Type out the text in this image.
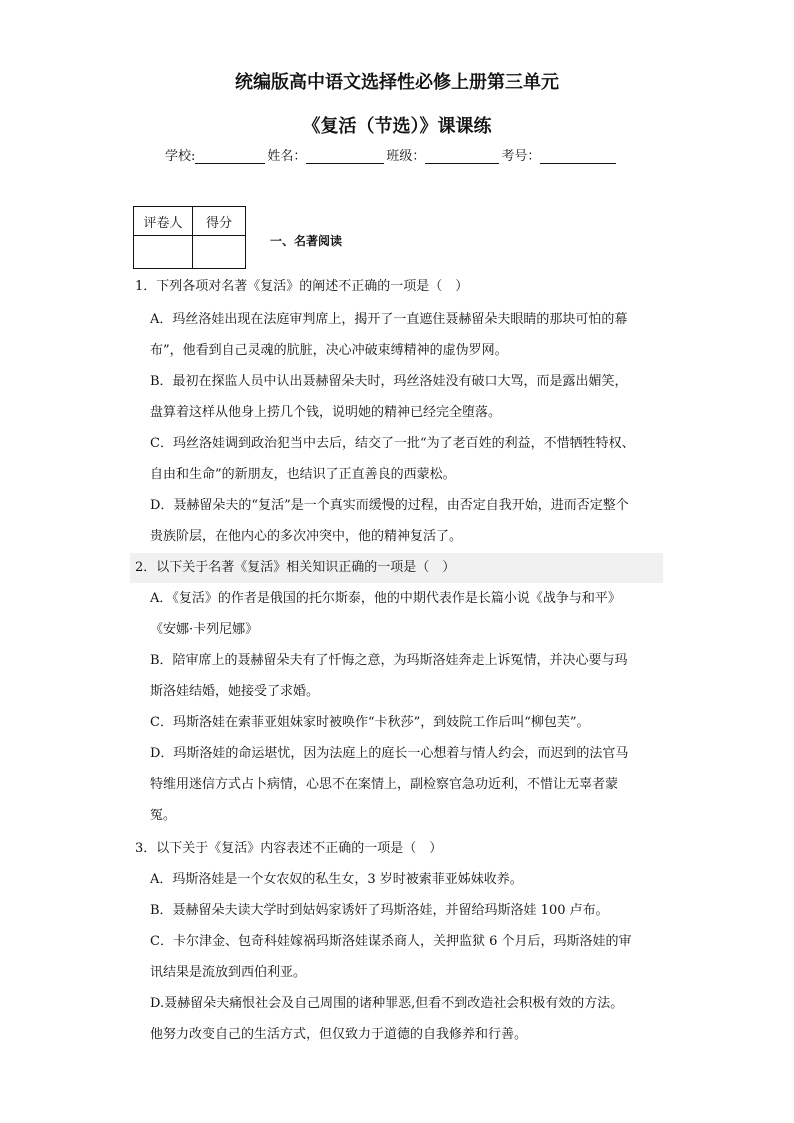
统编版高中语文选择性必修上册第三单元
《复活（节选）》课课练
学校:	姓名：	班级：	考号：
评卷人	得分

一、名著阅读
1．下列各项对名著《复活》的阐述不正确的一项是（　）
A．玛丝洛娃出现在法庭审判席上，揭开了一直遮住聂赫留朵夫眼睛的那块可怕的幕
布”，他看到自己灵魂的肮脏，决心冲破束缚精神的虚伪罗网。
B．最初在探监人员中认出聂赫留朵夫时，玛丝洛娃没有破口大骂，而是露出媚笑，
盘算着这样从他身上捞几个钱，说明她的精神已经完全堕落。
C．玛丝洛娃调到政治犯当中去后，结交了一批“为了老百姓的利益，不惜牺牲特权、
自由和生命”的新朋友，也结识了正直善良的西蒙松。
D．聂赫留朵夫的“复活”是一个真实而缓慢的过程，由否定自我开始，进而否定整个
贵族阶层，在他内心的多次冲突中，他的精神复活了。
2．以下关于名著《复活》相关知识正确的一项是（　）
A．《复活》的作者是俄国的托尔斯泰，他的中期代表作是长篇小说《战争与和平》
《安娜·卡列尼娜》
B．陪审席上的聂赫留朵夫有了忏悔之意，为玛斯洛娃奔走上诉冤情，并决心要与玛
斯洛娃结婚，她接受了求婚。
C．玛斯洛娃在索菲亚姐妹家时被唤作“卡秋莎”，到妓院工作后叫“柳包芙”。
D．玛斯洛娃的命运堪忧，因为法庭上的庭长一心想着与情人约会，而迟到的法官马
特维用迷信方式占卜病情，心思不在案情上，副检察官急功近利，不惜让无辜者蒙
冤。
3．以下关于《复活》内容表述不正确的一项是（　）
A．玛斯洛娃是一个女农奴的私生女，3 岁时被索菲亚姊妹收养。
B．聂赫留朵夫读大学时到姑妈家诱奸了玛斯洛娃，并留给玛斯洛娃 100 卢布。
C．卡尔津金、包奇科娃嫁祸玛斯洛娃谋杀商人，关押监狱 6 个月后，玛斯洛娃的审
讯结果是流放到西伯利亚。
D.聂赫留朵夫痛恨社会及自己周围的诸种罪恶,但看不到改造社会积极有效的方法。
他努力改变自己的生活方式，但仅致力于道德的自我修养和行善。
